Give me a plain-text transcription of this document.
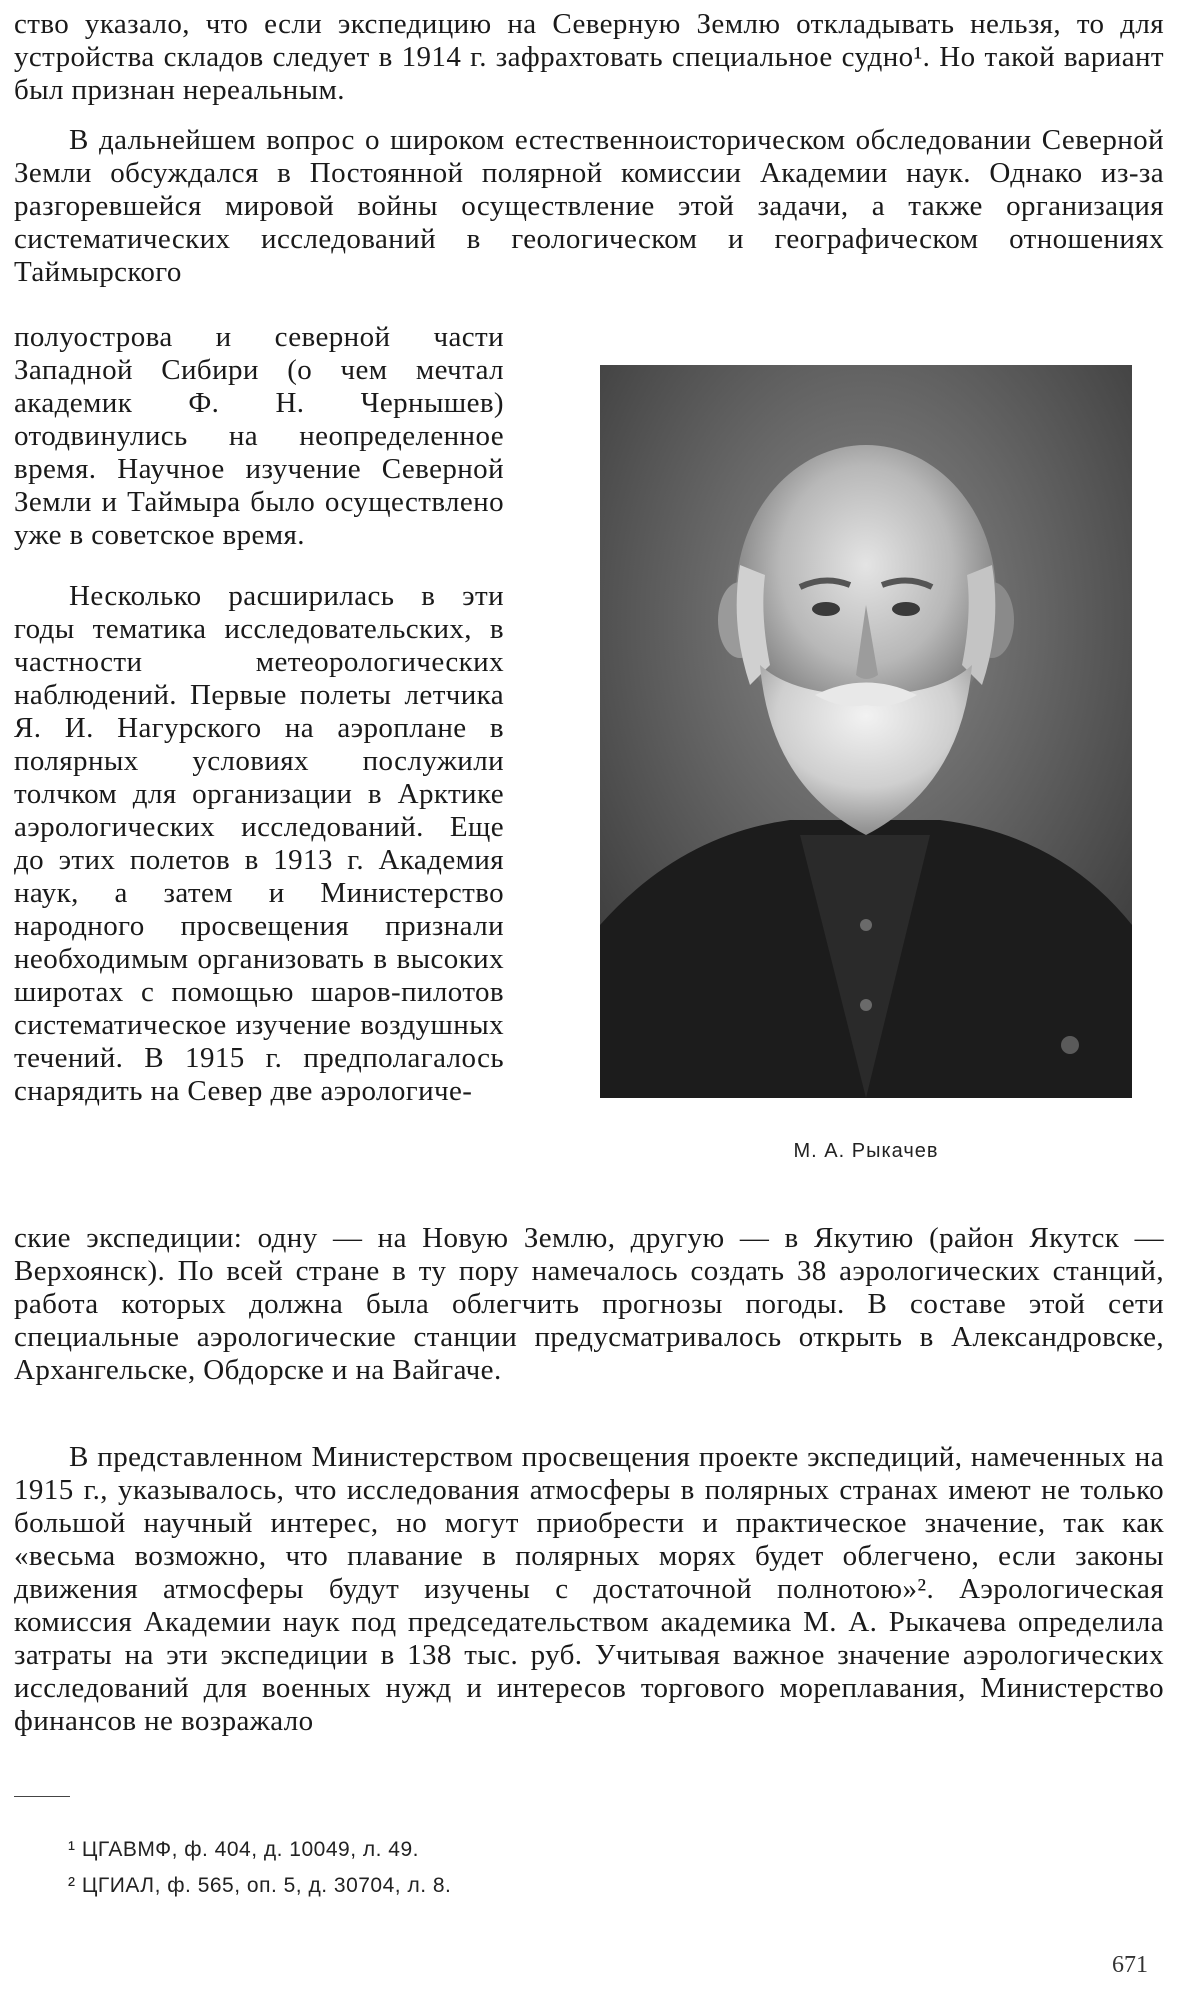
ство указало, что если экспедицию на Северную Землю откладывать нельзя, то для устройства складов следует в 1914 г. зафрахтовать специальное судно¹. Но такой вариант был признан нереальным.

В дальнейшем вопрос о широком естественноисторическом обследовании Северной Земли обсуждался в Постоянной полярной комиссии Академии наук. Однако из-за разгоревшейся мировой войны осуществление этой задачи, а также организация систематических исследований в геологическом и географическом отношениях Таймырского

полуострова и северной части Западной Сибири (о чем мечтал академик Ф. Н. Чернышев) отодвинулись на неопределенное время. Научное изучение Северной Земли и Таймыра было осуществлено уже в советское время.

Несколько расширилась в эти годы тематика исследовательских, в частности метеорологических наблюдений. Первые полеты летчика Я. И. Нагурского на аэроплане в полярных условиях послужили толчком для организации в Арктике аэрологических исследований. Еще до этих полетов в 1913 г. Академия наук, а затем и Министерство народного просвещения признали необходимым организовать в высоких широтах с помощью шаров-пилотов систематическое изучение воздушных течений. В 1915 г. предполагалось снарядить на Север две аэрологиче-

ские экспедиции: одну — на Новую Землю, другую — в Якутию (район Якутск — Верхоянск). По всей стране в ту пору намечалось создать 38 аэрологических станций, работа которых должна была облегчить прогнозы погоды. В составе этой сети специальные аэрологические станции предусматривалось открыть в Александровске, Архангельске, Обдорске и на Вайгаче.

В представленном Министерством просвещения проекте экспедиций, намеченных на 1915 г., указывалось, что исследования атмосферы в полярных странах имеют не только большой научный интерес, но могут приобрести и практическое значение, так как «весьма возможно, что плавание в полярных морях будет облегчено, если законы движения атмосферы будут изучены с достаточной полнотою»². Аэрологическая комиссия Академии наук под председательством академика М. А. Рыкачева определила затраты на эти экспедиции в 138 тыс. руб. Учитывая важное значение аэрологических исследований для военных нужд и интересов торгового мореплавания, Министерство финансов не возражало

М. А. Рыкачев
¹ ЦГАВМФ, ф. 404, д. 10049, л. 49.
² ЦГИАЛ, ф. 565, оп. 5, д. 30704, л. 8.
671
